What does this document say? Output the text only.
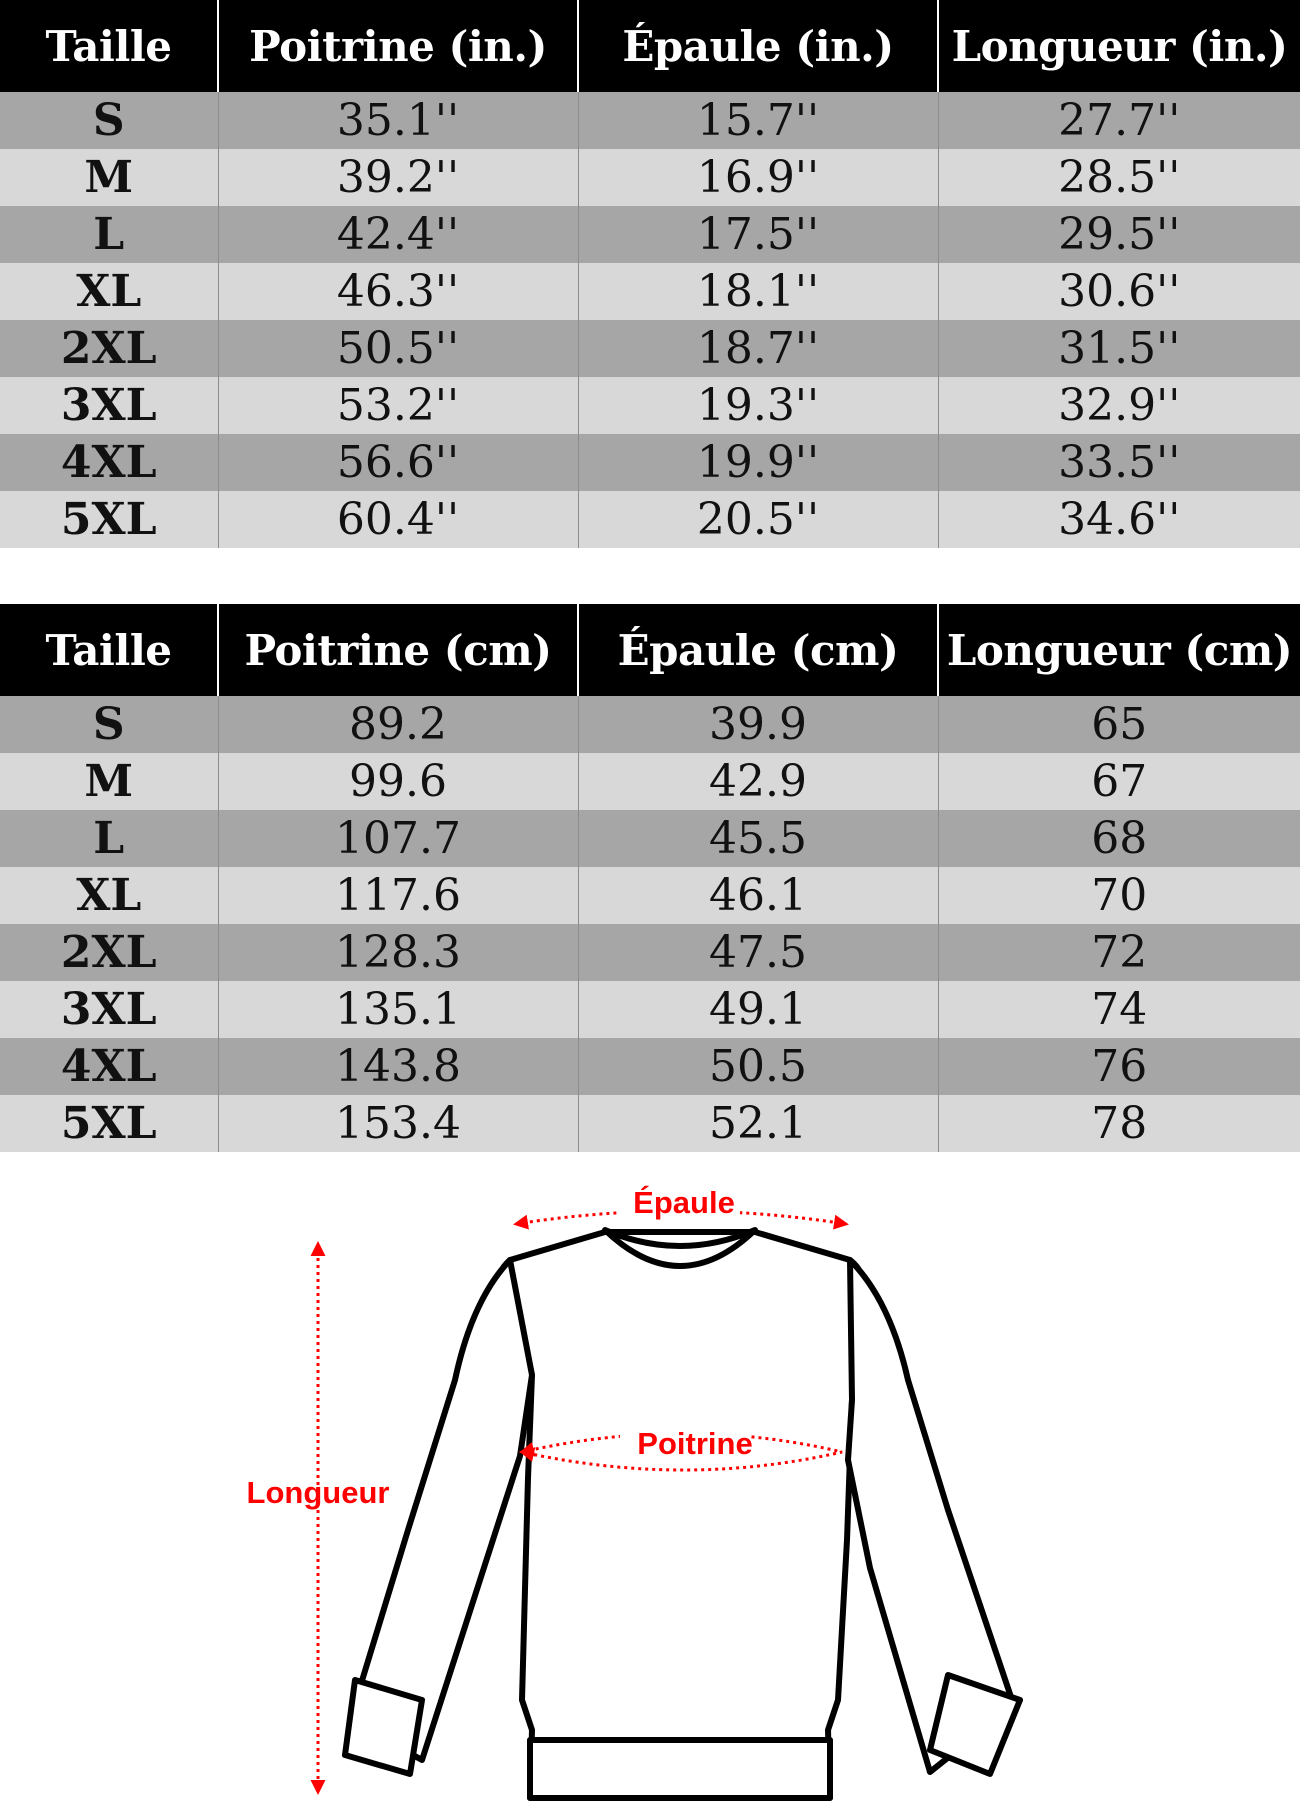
Taille	Poitrine (in.)	Épaule (in.)	Longueur (in.)
S	35.1''	15.7''	27.7''
M	39.2''	16.9''	28.5''
L	42.4''	17.5''	29.5''
XL	46.3''	18.1''	30.6''
2XL	50.5''	18.7''	31.5''
3XL	53.2''	19.3''	32.9''
4XL	56.6''	19.9''	33.5''
5XL	60.4''	20.5''	34.6''
Taille	Poitrine (cm)	Épaule (cm)	Longueur (cm)
S	89.2	39.9	65
M	99.6	42.9	67
L	107.7	45.5	68
XL	117.6	46.1	70
2XL	128.3	47.5	72
3XL	135.1	49.1	74
4XL	143.8	50.5	76
5XL	153.4	52.1	78
Épaule
Poitrine
Longueur
